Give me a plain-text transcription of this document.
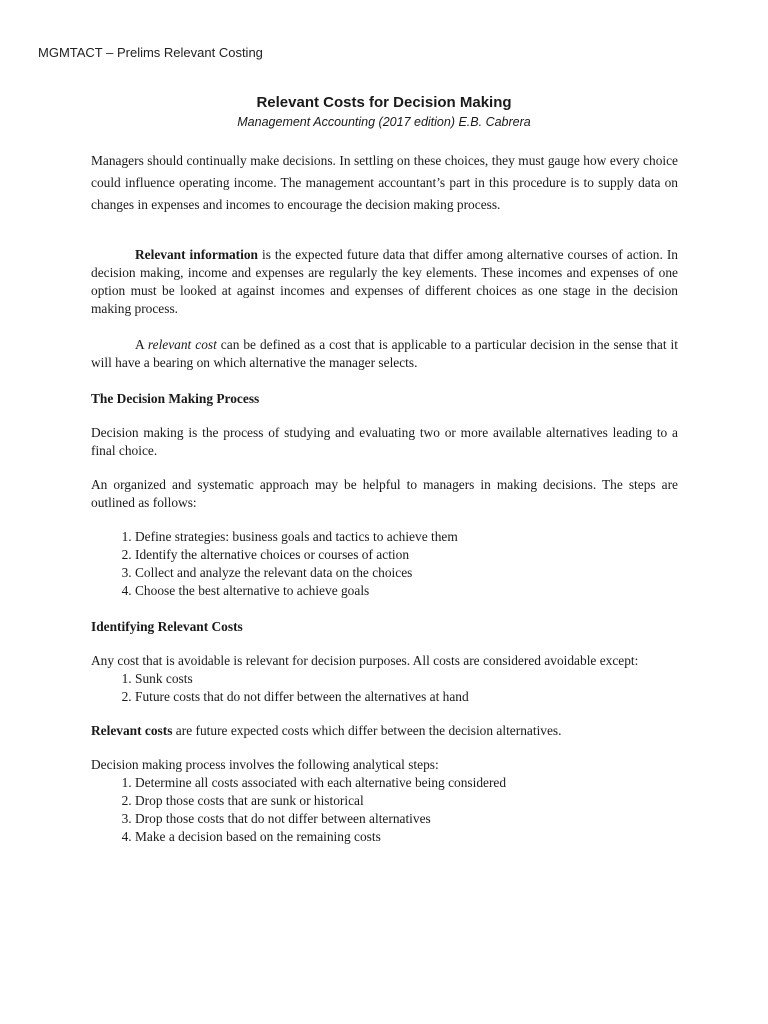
MGMTACT – Prelims Relevant Costing
Relevant Costs for Decision Making
Management Accounting (2017 edition) E.B. Cabrera

Managers should continually make decisions. In settling on these choices, they must gauge how every choice could influence operating income. The management accountant’s part in this procedure is to supply data on changes in expenses and incomes to encourage the decision making process.

Relevant information is the expected future data that differ among alternative courses of action. In decision making, income and expenses are regularly the key elements. These incomes and expenses of one option must be looked at against incomes and expenses of different choices as one stage in the decision making process.

A relevant cost can be defined as a cost that is applicable to a particular decision in the sense that it will have a bearing on which alternative the manager selects.

The Decision Making Process

Decision making is the process of studying and evaluating two or more available alternatives leading to a final choice.

An organized and systematic approach may be helpful to managers in making decisions. The steps are outlined as follows:

1. Define strategies: business goals and tactics to achieve them
2. Identify the alternative choices or courses of action
3. Collect and analyze the relevant data on the choices
4. Choose the best alternative to achieve goals
Identifying Relevant Costs

Any cost that is avoidable is relevant for decision purposes. All costs are considered avoidable except:

1. Sunk costs
2. Future costs that do not differ between the alternatives at hand

Relevant costs are future expected costs which differ between the decision alternatives.

Decision making process involves the following analytical steps:

1. Determine all costs associated with each alternative being considered
2. Drop those costs that are sunk or historical
3. Drop those costs that do not differ between alternatives
4. Make a decision based on the remaining costs
